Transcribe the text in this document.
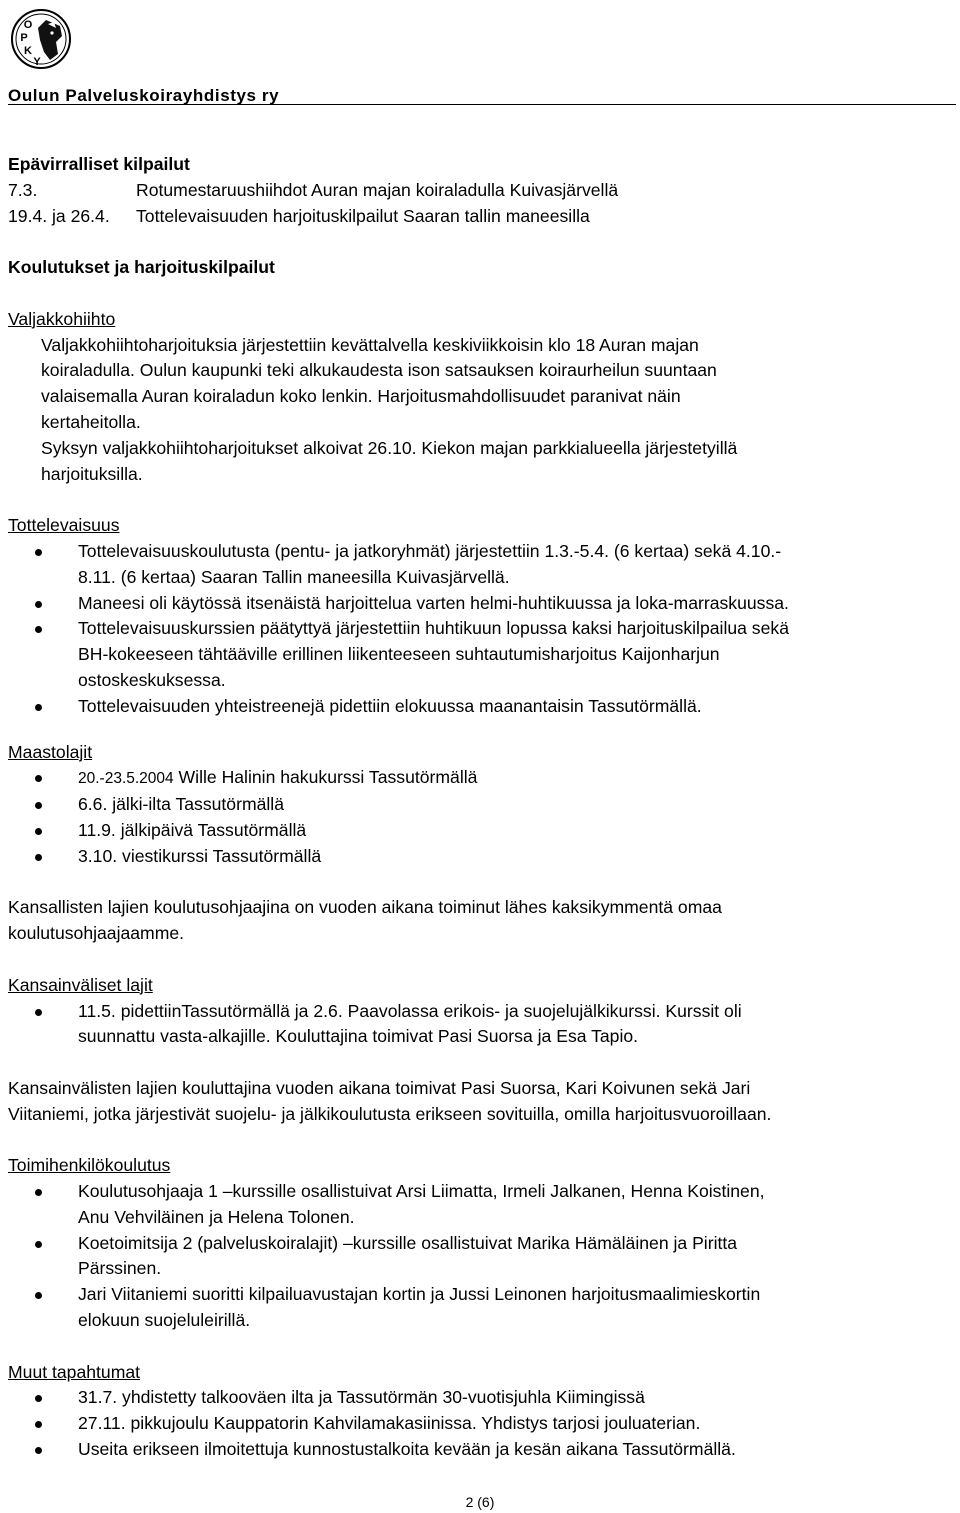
O
P
K
Y
Oulun Palveluskoirayhdistys ry

Epävirralliset kilpailut

7.3.	Rotumestaruushiihdot Auran majan koiraladulla Kuivasjärvellä

19.4. ja 26.4. Tottelevaisuuden harjoituskilpailut Saaran tallin maneesilla

Koulutukset ja harjoituskilpailut

Valjakkohiihto

Valjakkohiihtoharjoituksia järjestettiin kevättalvella keskiviikkoisin klo 18 Auran majan

koiraladulla. Oulun kaupunki teki alkukaudesta ison satsauksen koiraurheilun suuntaan

valaisemalla Auran koiraladun koko lenkin. Harjoitusmahdollisuudet paranivat näin

kertaheitolla.

Syksyn valjakkohiihtoharjoitukset alkoivat 26.10. Kiekon majan parkkialueella järjestetyillä

harjoituksilla.

Tottelevaisuus

Tottelevaisuuskoulutusta (pentu- ja jatkoryhmät) järjestettiin 1.3.-5.4. (6 kertaa) sekä 4.10.-
8.11. (6 kertaa) Saaran Tallin maneesilla Kuivasjärvellä.
Maneesi oli käytössä itsenäistä harjoittelua varten helmi-huhtikuussa ja loka-marraskuussa.
Tottelevaisuuskurssien päätyttyä järjestettiin huhtikuun lopussa kaksi harjoituskilpailua sekä
BH-kokeeseen tähtääville erillinen liikenteeseen suhtautumisharjoitus Kaijonharjun
ostoskeskuksessa.
Tottelevaisuuden yhteistreenejä pidettiin elokuussa maanantaisin Tassutörmällä.

Maastolajit

20.-23.5.2004 Wille Halinin hakukurssi Tassutörmällä
6.6. jälki-ilta Tassutörmällä
11.9. jälkipäivä Tassutörmällä
3.10. viestikurssi Tassutörmällä

Kansallisten lajien koulutusohjaajina on vuoden aikana toiminut lähes kaksikymmentä omaa

koulutusohjaajaamme.

Kansainväliset lajit

11.5. pidettiinTassutörmällä ja 2.6. Paavolassa erikois- ja suojelujälkikurssi. Kurssit oli
suunnattu vasta-alkajille. Kouluttajina toimivat Pasi Suorsa ja Esa Tapio.

Kansainvälisten lajien kouluttajina vuoden aikana toimivat Pasi Suorsa, Kari Koivunen sekä Jari

Viitaniemi, jotka järjestivät suojelu- ja jälkikoulutusta erikseen sovituilla, omilla harjoitusvuoroillaan.

Toimihenkilökoulutus

Koulutusohjaaja 1 –kurssille osallistuivat Arsi Liimatta, Irmeli Jalkanen, Henna Koistinen,
Anu Vehviläinen ja Helena Tolonen.
Koetoimitsija 2 (palveluskoiralajit) –kurssille osallistuivat Marika Hämäläinen ja Piritta
Pärssinen.
Jari Viitaniemi suoritti kilpailuavustajan kortin ja Jussi Leinonen harjoitusmaalimieskortin
elokuun suojeluleirillä.

Muut tapahtumat

31.7. yhdistetty talkooväen ilta ja Tassutörmän 30-vuotisjuhla Kiimingissä
27.11. pikkujoulu Kauppatorin Kahvilamakasiinissa. Yhdistys tarjosi jouluaterian.
Useita erikseen ilmoitettuja kunnostustalkoita kevään ja kesän aikana Tassutörmällä.
2 (6)
